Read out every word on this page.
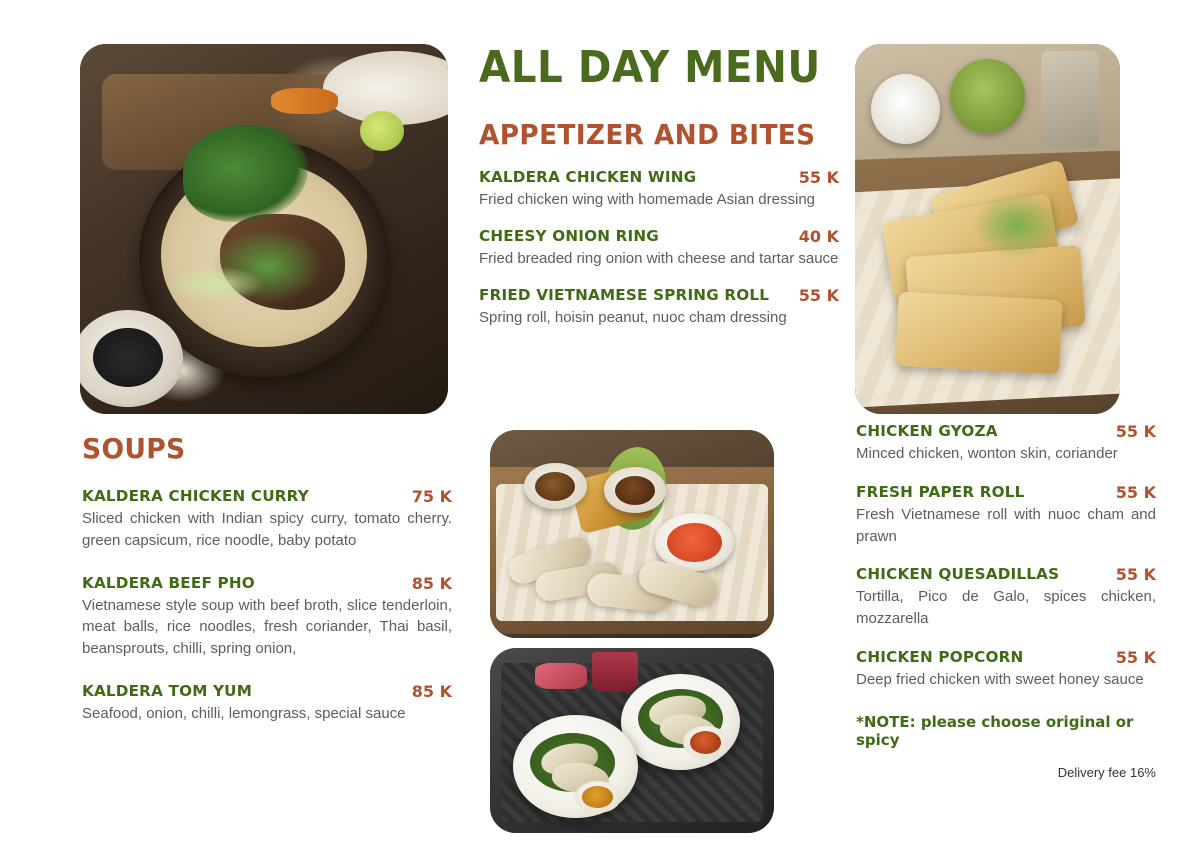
ALL DAY MENU
APPETIZER AND BITES
KALDERA CHICKEN WING	55 K
Fried chicken wing with homemade Asian dressing
CHEESY ONION RING	40 K
Fried breaded ring onion with cheese and tartar sauce
FRIED VIETNAMESE SPRING ROLL 55 K
Spring roll, hoisin peanut, nuoc cham dressing
SOUPS
KALDERA CHICKEN CURRY	75 K
Sliced chicken with Indian spicy curry, tomato cherry. green capsicum, rice noodle, baby potato
KALDERA BEEF PHO	85 K
Vietnamese style soup with beef broth, slice tenderloin, meat balls, rice noodles, fresh coriander, Thai basil, beansprouts, chilli, spring onion,
KALDERA TOM YUM	85 K
Seafood, onion, chilli, lemongrass, special sauce
CHICKEN GYOZA	55 K
Minced chicken, wonton skin, coriander
FRESH PAPER ROLL	55 K
Fresh Vietnamese roll with nuoc cham and prawn
CHICKEN QUESADILLAS	55 K
Tortilla, Pico de Galo, spices chicken, mozzarella
CHICKEN POPCORN	55 K
Deep fried chicken with sweet honey sauce
*NOTE: please choose original or spicy
Delivery fee 16%
